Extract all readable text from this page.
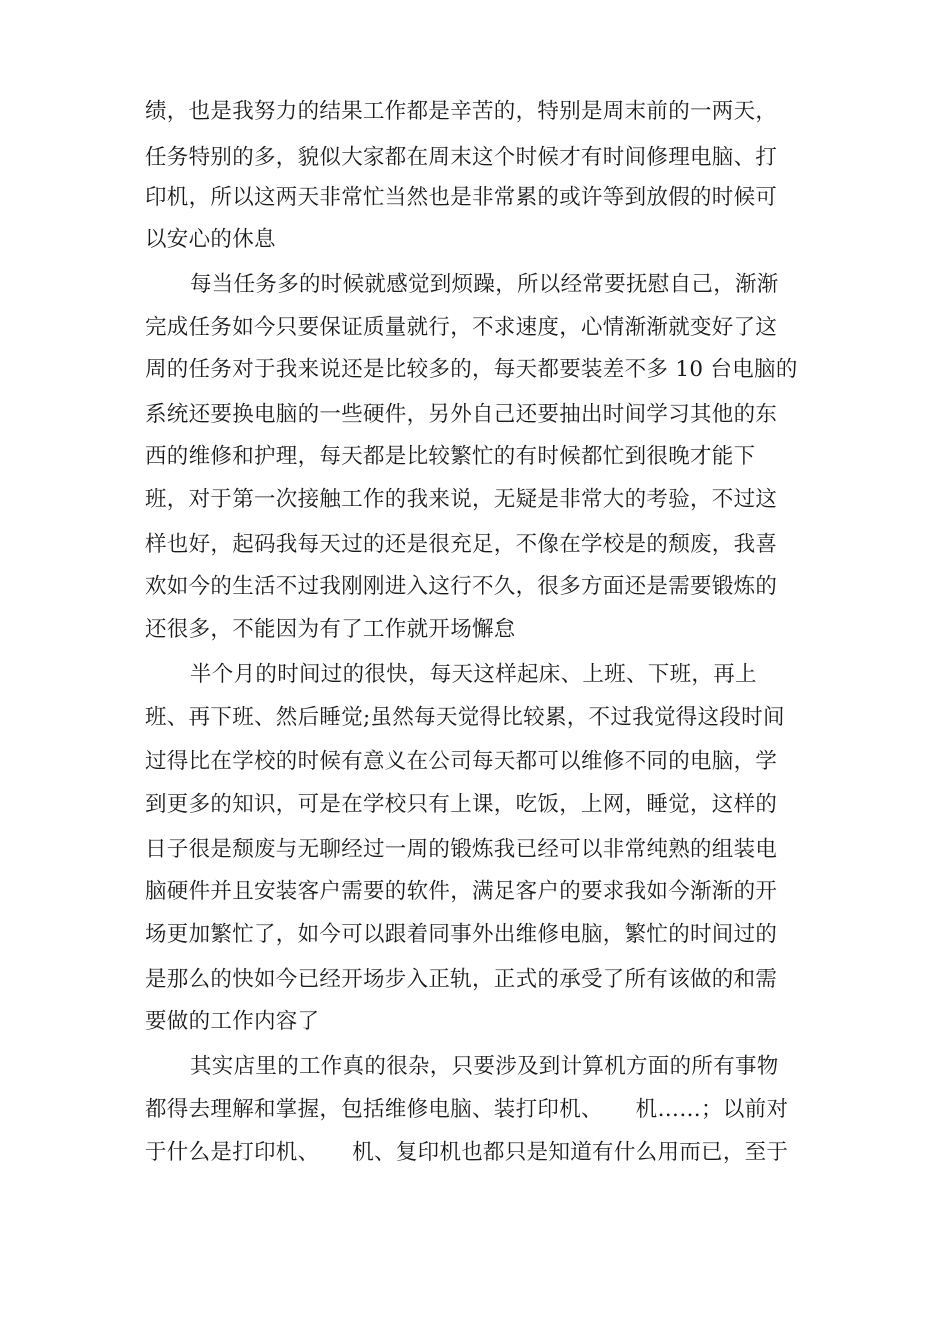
绩，也是我努力的结果工作都是辛苦的，特别是周末前的一两天，
任务特别的多，貌似大家都在周末这个时候才有时间修理电脑、打
印机，所以这两天非常忙当然也是非常累的或许等到放假的时候可
以安心的休息
每当任务多的时候就感觉到烦躁，所以经常要抚慰自己，渐渐
完成任务如今只要保证质量就行，不求速度，心情渐渐就变好了这
周的任务对于我来说还是比较多的，每天都要装差不多 10 台电脑的
系统还要换电脑的一些硬件，另外自己还要抽出时间学习其他的东
西的维修和护理，每天都是比较繁忙的有时候都忙到很晚才能下
班，对于第一次接触工作的我来说，无疑是非常大的考验，不过这
样也好，起码我每天过的还是很充足，不像在学校是的颓废，我喜
欢如今的生活不过我刚刚进入这行不久，很多方面还是需要锻炼的
还很多，不能因为有了工作就开场懈怠
半个月的时间过的很快，每天这样起床、上班、下班，再上
班、再下班、然后睡觉;虽然每天觉得比较累，不过我觉得这段时间
过得比在学校的时候有意义在公司每天都可以维修不同的电脑，学
到更多的知识，可是在学校只有上课，吃饭，上网，睡觉，这样的
日子很是颓废与无聊经过一周的锻炼我已经可以非常纯熟的组装电
脑硬件并且安装客户需要的软件，满足客户的要求我如今渐渐的开
场更加繁忙了，如今可以跟着同事外出维修电脑，繁忙的时间过的
是那么的快如今已经开场步入正轨，正式的承受了所有该做的和需
要做的工作内容了
其实店里的工作真的很杂，只要涉及到计算机方面的所有事物
都得去理解和掌握，包括维修电脑、装打印机、　　机……；以前对
于什么是打印机、　　机、复印机也都只是知道有什么用而已，至于
